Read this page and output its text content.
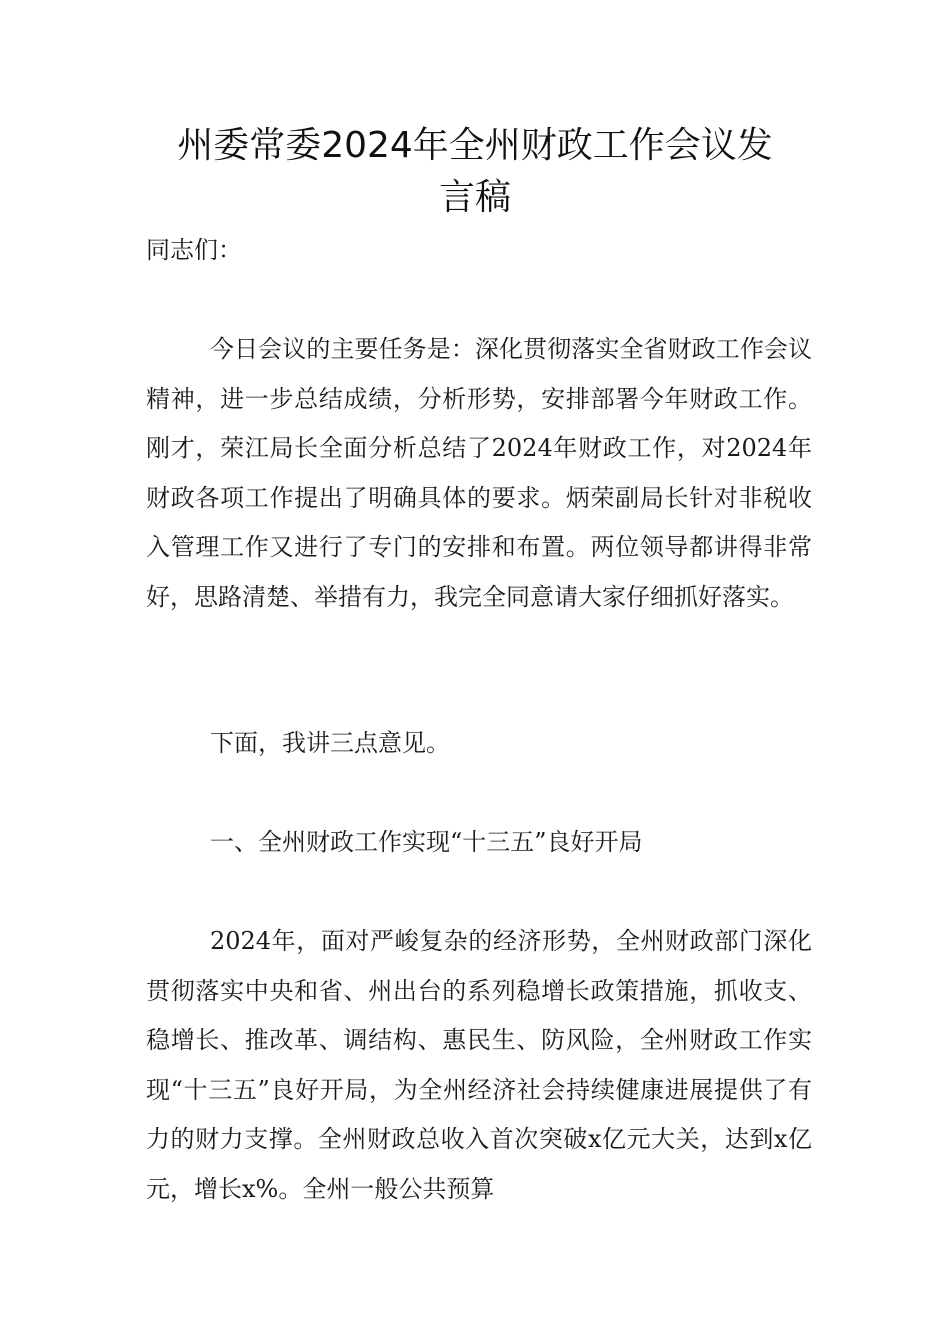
州委常委2024年全州财政工作会议发
言稿

同志们：

今日会议的主要任务是：深化贯彻落实全省财政工作会议精神，进一步总结成绩，分析形势，安排部署今年财政工作。刚才，荣江局长全面分析总结了2024年财政工作，对2024年财政各项工作提出了明确具体的要求。炳荣副局长针对非税收入管理工作又进行了专门的安排和布置。两位领导都讲得非常好，思路清楚、举措有力，我完全同意请大家仔细抓好落实。

下面，我讲三点意见。

一、全州财政工作实现“十三五”良好开局

2024年，面对严峻复杂的经济形势，全州财政部门深化贯彻落实中央和省、州出台的系列稳增长政策措施，抓收支、稳增长、推改革、调结构、惠民生、防风险，全州财政工作实现“十三五”良好开局，为全州经济社会持续健康进展提供了有力的财力支撑。全州财政总收入首次突破x亿元大关，达到x亿元，增长x%。全州一般公共预算
